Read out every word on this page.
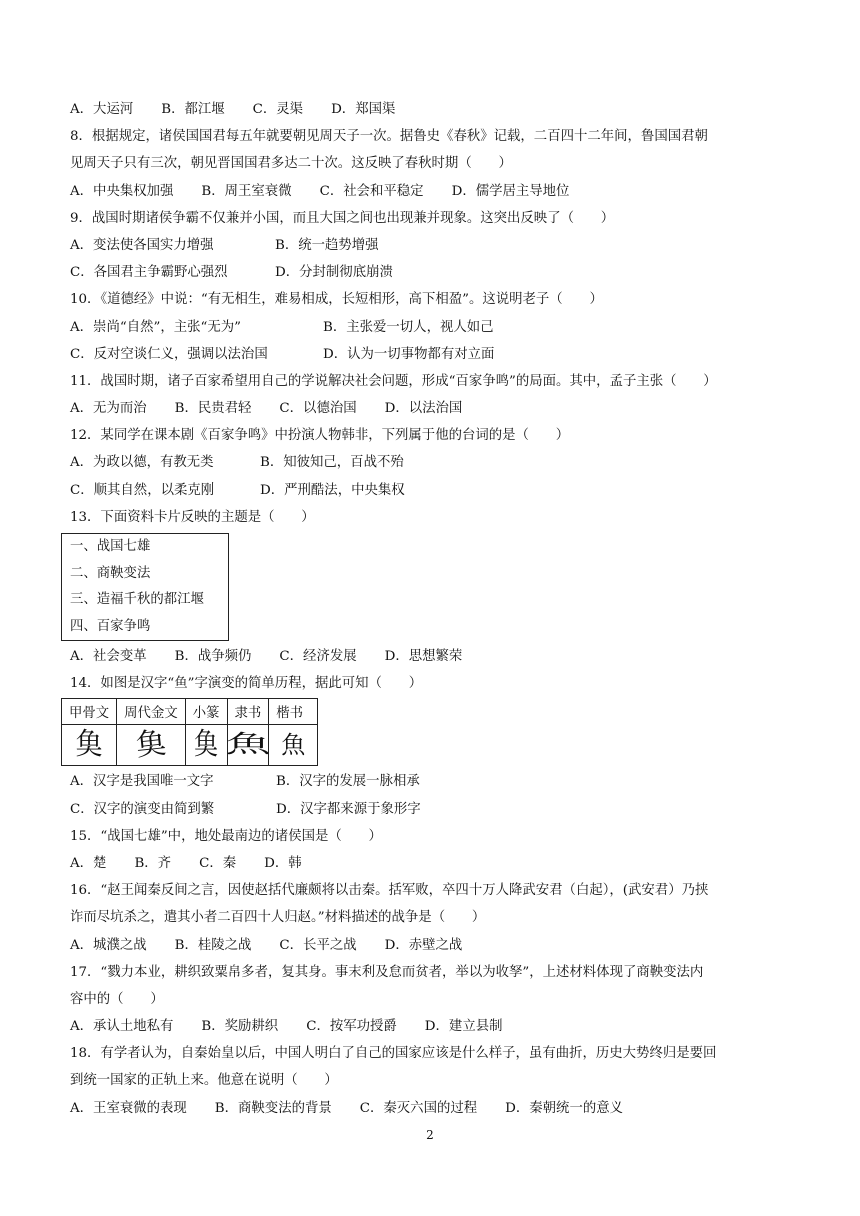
A．大运河 B．都江堰 C．灵渠 D．郑国渠
8．根据规定，诸侯国国君每五年就要朝见周天子一次。据鲁史《春秋》记载，二百四十二年间，鲁国国君朝
见周天子只有三次，朝见晋国国君多达二十次。这反映了春秋时期（　　）
A．中央集权加强 B．周王室衰微 C．社会和平稳定 D．儒学居主导地位
9．战国时期诸侯争霸不仅兼并小国，而且大国之间也出现兼并现象。这突出反映了（　　）
A．变法使各国实力增强	B．统一趋势增强
C．各国君主争霸野心强烈	D．分封制彻底崩溃
10．《道德经》中说：“有无相生，难易相成，长短相形，高下相盈”。这说明老子（　　）
A．崇尚“自然”，主张“无为”	B．主张爱一切人，视人如己
C．反对空谈仁义，强调以法治国	D．认为一切事物都有对立面
11．战国时期，诸子百家希望用自己的学说解决社会问题，形成“百家争鸣”的局面。其中，孟子主张（　　）
A．无为而治 B．民贵君轻 C．以德治国 D．以法治国
12．某同学在课本剧《百家争鸣》中扮演人物韩非，下列属于他的台词的是（　　）
A．为政以德，有教无类	B．知彼知己，百战不殆
C．顺其自然，以柔克刚	D．严刑酷法，中央集权
13．下面资料卡片反映的主题是（　　）
一、战国七雄
二、商鞅变法
三、造福千秋的都江堰
四、百家争鸣
A．社会变革 B．战争频仍 C．经济发展 D．思想繁荣
14．如图是汉字“鱼”字演变的简单历程，据此可知（　　）
甲骨文	周代金文	小篆	隶书	楷书
𩵋	𩵋	𩵋	魚	魚
A．汉字是我国唯一文字	B．汉字的发展一脉相承
C．汉字的演变由简到繁	D．汉字都来源于象形字
15．“战国七雄”中，地处最南边的诸侯国是（　　）
A．楚 B．齐 C．秦 D．韩
16．“赵王闻秦反间之言，因使赵括代廉颇将以击秦。括军败，卒四十万人降武安君（白起），(武安君）乃挟
诈而尽坑杀之，遣其小者二百四十人归赵。”材料描述的战争是（　　）
A．城濮之战 B．桂陵之战 C．长平之战 D．赤壁之战
17．“戮力本业，耕织致粟帛多者，复其身。事末利及怠而贫者，举以为收孥”，上述材料体现了商鞅变法内
容中的（　　）
A．承认土地私有 B．奖励耕织 C．按军功授爵 D．建立县制
18．有学者认为，自秦始皇以后，中国人明白了自己的国家应该是什么样子，虽有曲折，历史大势终归是要回
到统一国家的正轨上来。他意在说明（　　）
A．王室衰微的表现 B．商鞅变法的背景 C．秦灭六国的过程 D．秦朝统一的意义
2
